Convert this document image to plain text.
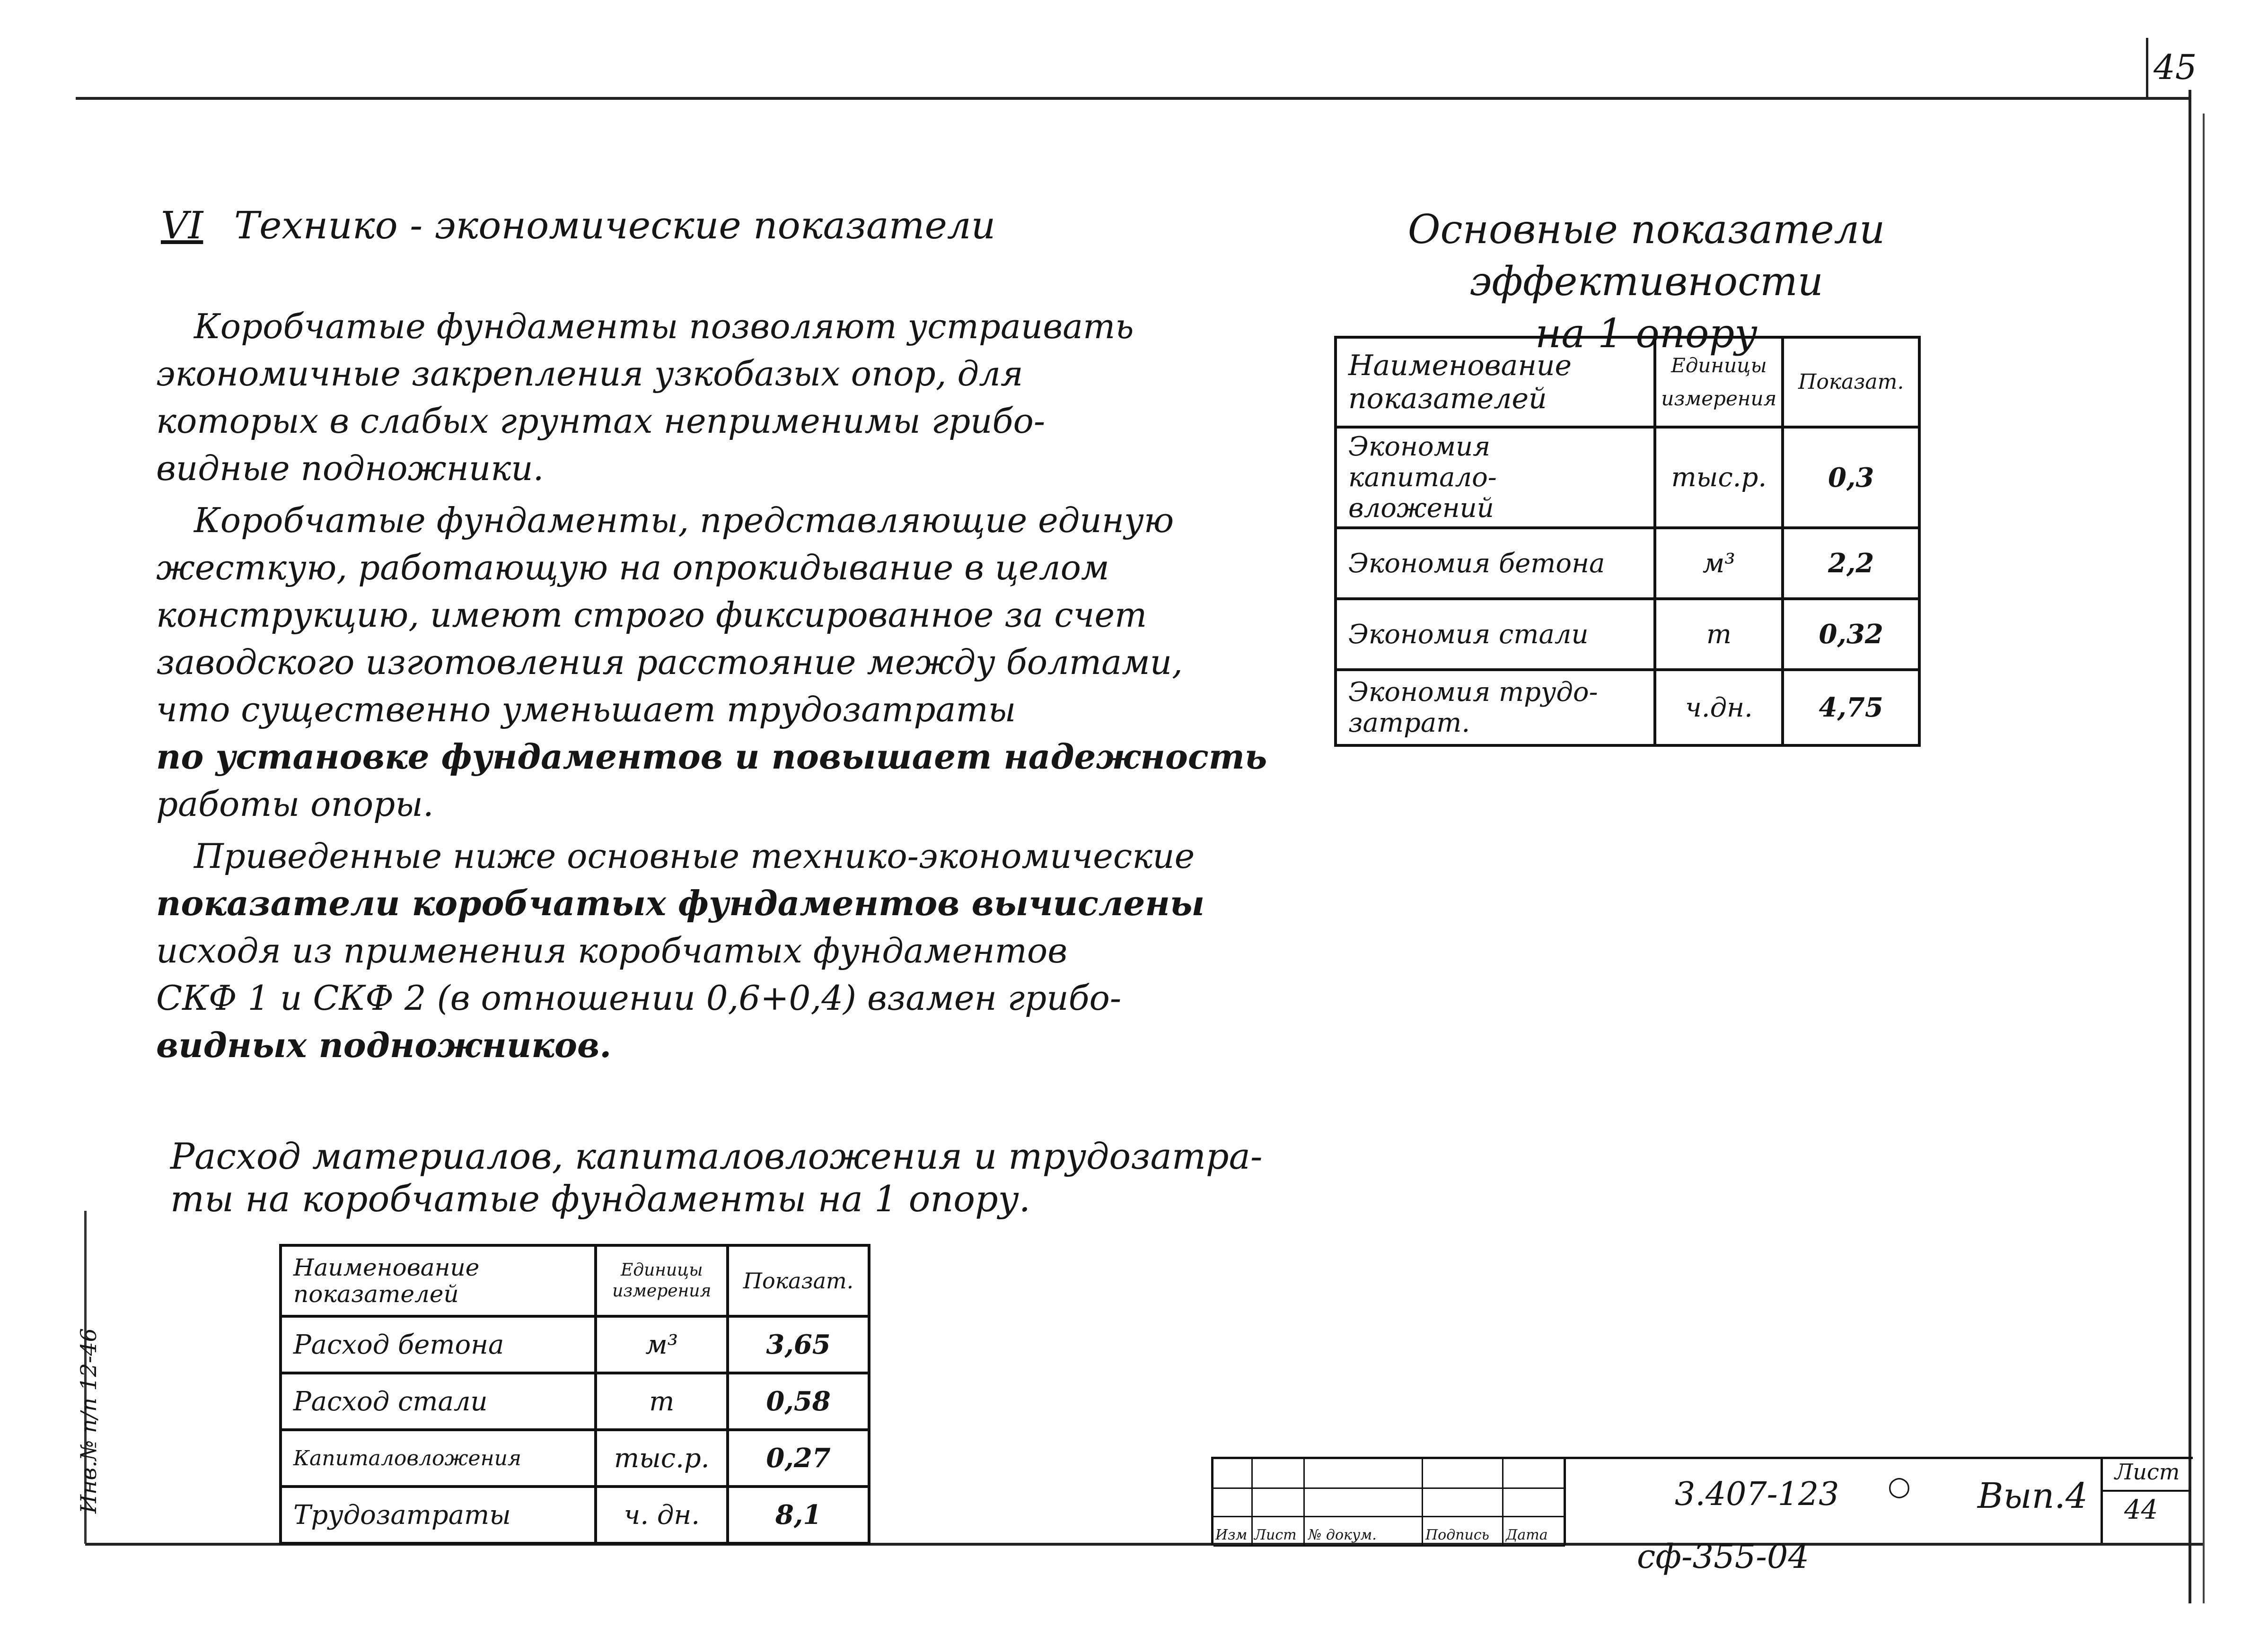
45
Инв.№ п/п 12-46
VI Технико - экономические показатели
Коробчатые фундаменты позволяют устраивать
экономичные закрепления узкобазых опор, для
которых в слабых грунтах неприменимы грибо-
видные подножники.
Коробчатые фундаменты, представляющие единую
жесткую, работающую на опрокидывание в целом
конструкцию, имеют строго фиксированное за счет
заводского изготовления расстояние между болтами,
что существенно уменьшает трудозатраты
по установке фундаментов и повышает надежность
работы опоры.
Приведенные ниже основные технико-экономические
показатели коробчатых фундаментов вычислены
исходя из применения коробчатых фундаментов
СКФ 1 и СКФ 2 (в отношении 0,6+0,4) взамен грибо-
видных подножников.
Основные показатели эффективности
на 1 опору
Наименование показателей	Единицы измерения	Показат.
Экономия капитало-вложений	тыс.р.	0,3
Экономия бетона	м³	2,2
Экономия стали	т	0,32
Экономия трудо-затрат.	ч.дн.	4,75
Расход материалов, капиталовложения и трудозатра-
ты на коробчатые фундаменты на 1 опору.
Наименование показателей	Единицы измерения	Показат.
Расход бетона	м³	3,65
Расход стали	т	0,58
Капиталовложения	тыс.р.	0,27
Трудозатраты	ч. дн.	8,1
Изм Лист № докум.	Подпись Дата
3.407-123 ○ Вып.4
Лист
44
сф-355-04
